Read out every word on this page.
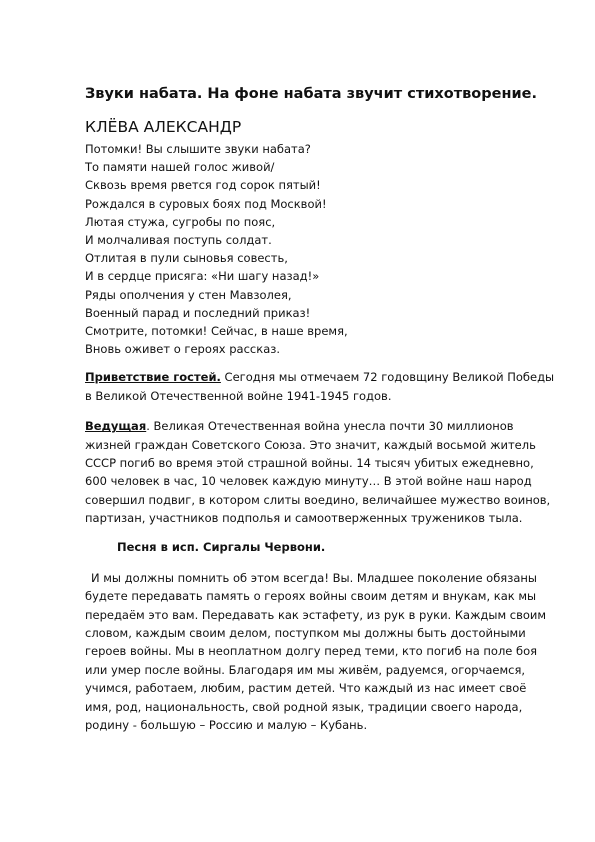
Звуки набата. На фоне набата звучит стихотворение.

КЛЁВА АЛЕКСАНДР

Потомки! Вы слышите звуки набата?
То памяти нашей голос живой/
Сквозь время рвется год сорок пятый!
Рождался в суровых боях под Москвой!
Лютая стужа, сугробы по пояс,
И молчаливая поступь солдат.
Отлитая в пули сыновья совесть,
И в сердце присяга: «Ни шагу назад!»
Ряды ополчения у стен Мавзолея,
Военный парад и последний приказ!
Смотрите, потомки! Сейчас, в наше время,
Вновь оживет о героях рассказ.

Приветствие гостей. Сегодня мы отмечаем 72 годовщину Великой Победы в Великой Отечественной войне 1941-1945 годов.

Ведущая. Великая Отечественная война унесла почти 30 миллионов жизней граждан Советского Союза. Это значит, каждый восьмой житель СССР погиб во время этой страшной войны. 14 тысяч убитых ежедневно, 600 человек в час, 10 человек каждую минуту… В этой войне наш народ совершил подвиг, в котором слиты воедино, величайшее мужество воинов, партизан, участников подполья и самоотверженных тружеников тыла.

Песня в исп. Сиргалы Червони.

И мы должны помнить об этом всегда! Вы. Младшее поколение обязаны будете передавать память о героях войны своим детям и внукам, как мы передаём это вам. Передавать как эстафету, из рук в руки. Каждым своим словом, каждым своим делом, поступком мы должны быть достойными героев войны. Мы в неоплатном долгу перед теми, кто погиб на поле боя или умер после войны. Благодаря им мы живём, радуемся, огорчаемся, учимся, работаем, любим, растим детей. Что каждый из нас имеет своё имя, род, национальность, свой родной язык, традиции своего народа, родину - большую – Россию и малую – Кубань.
